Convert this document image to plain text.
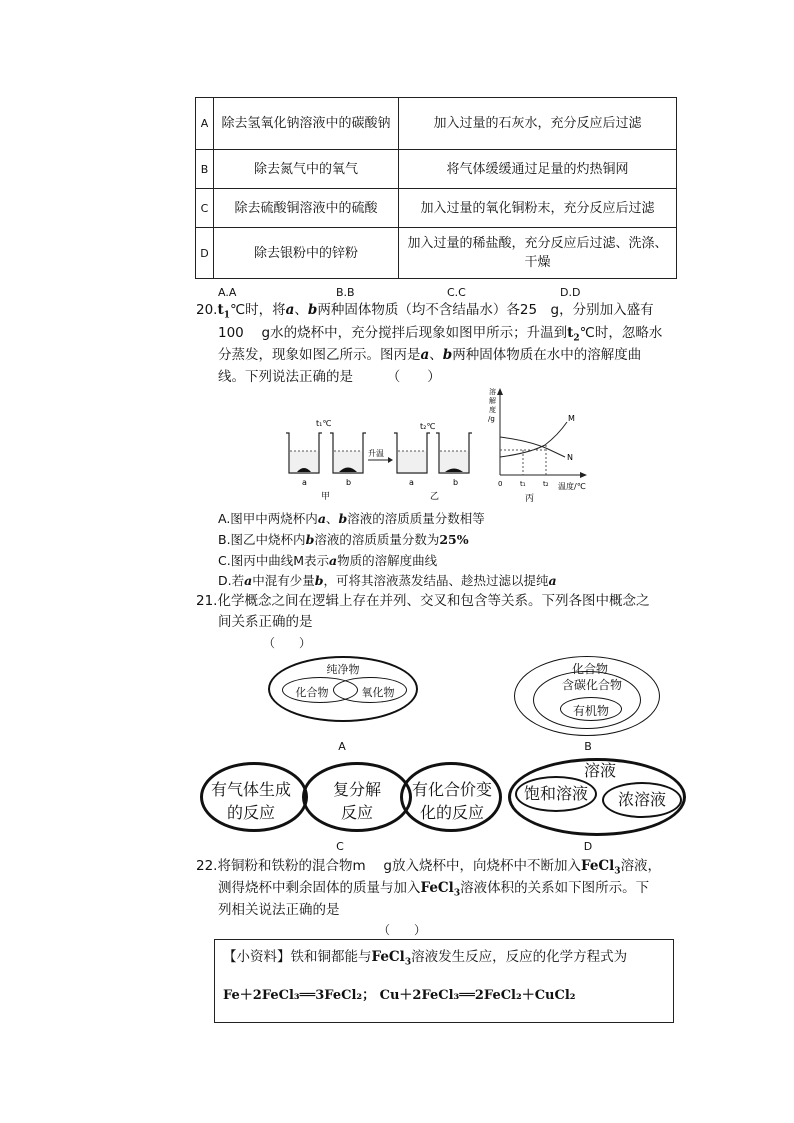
A	除去氢氧化钠溶液中的碳酸钠	加入过量的石灰水，充分反应后过滤
B	除去氮气中的氧气	将气体缓缓通过足量的灼热铜网
C	除去硫酸铜溶液中的硫酸	加入过量的氧化铜粉末，充分反应后过滤
D	除去银粉中的锌粉	加入过量的稀盐酸，充分反应后过滤、洗涤、干燥
A.A	B.B	C.C	D.D
$20.t_1℃$时，将a、b两种固体物质（均不含结晶水）各25　g，分别加入盛有
100　 g水的烧杯中，充分搅拌后现象如图甲所示；升温到$t_2℃$时，忽略水
分蒸发，现象如图乙所示。图丙是a、b两种固体物质在水中的溶解度曲
线。下列说法正确的是　　　（　　）
t₁℃
升温
t₂℃
a	b	a	b
甲	乙
溶
解
度
/g	M
N
0	t₁ t₂ 温度/℃
丙
A.图甲中两烧杯内a、b溶液的溶质质量分数相等
B.图乙中烧杯内b溶液的溶质质量分数为25%
C.图丙中曲线M表示a物质的溶解度曲线
D.若a中混有少量b，可将其溶液蒸发结晶、趁热过滤以提纯a
21.化学概念之间在逻辑上存在并列、交叉和包含等关系。下列各图中概念之
间关系正确的是
（　　）
纯净物
化合物	氧化物
A
化合物
含碳化合物
有机物
B
有气体生成
的反应
复分解
反应
有化合价变
化的反应
C
溶液
饱和溶液	浓溶液
D
22.将铜粉和铁粉的混合物m　 g放入烧杯中，向烧杯中不断加入FeCl$_3$溶液，
测得烧杯中剩余固体的质量与加入FeCl$_3$溶液体积的关系如下图所示。下
列相关说法正确的是
（　　）
【小资料】铁和铜都能与FeCl$_3$溶液发生反应，反应的化学方程式为
Fe＋2FeCl₃══3FeCl₂； Cu＋2FeCl₃══2FeCl₂＋CuCl₂
